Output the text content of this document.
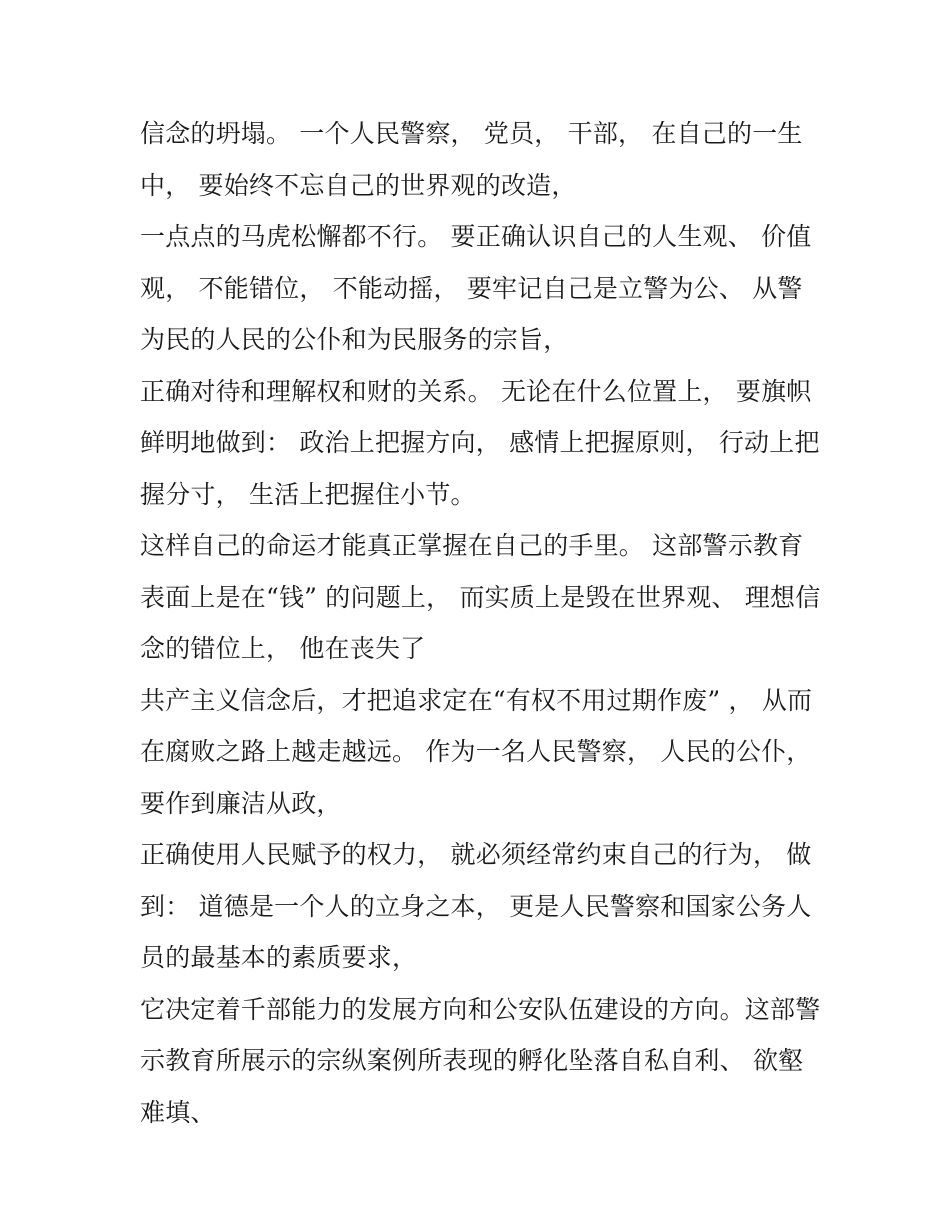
信念的坍塌。 一个人民警察， 党员， 干部， 在自己的一生
中， 要始终不忘自己的世界观的改造，
一点点的马虎松懈都不行。 要正确认识自己的人生观、 价值
观， 不能错位， 不能动摇， 要牢记自己是立警为公、 从警
为民的人民的公仆和为民服务的宗旨，
正确对待和理解权和财的关系。 无论在什么位置上， 要旗帜
鲜明地做到： 政治上把握方向， 感情上把握原则， 行动上把
握分寸， 生活上把握住小节。
这样自己的命运才能真正掌握在自己的手里。 这部警示教育
表面上是在“钱” 的问题上， 而实质上是毁在世界观、 理想信
念的错位上， 他在丧失了
共产主义信念后，才把追求定在“有权不用过期作废” ， 从而
在腐败之路上越走越远。 作为一名人民警察， 人民的公仆，
要作到廉洁从政，
正确使用人民赋予的权力， 就必须经常约束自己的行为， 做
到： 道德是一个人的立身之本， 更是人民警察和国家公务人
员的最基本的素质要求，
它决定着千部能力的发展方向和公安队伍建设的方向。这部警
示教育所展示的宗纵案例所表现的孵化坠落自私自利、 欲壑
难填、
